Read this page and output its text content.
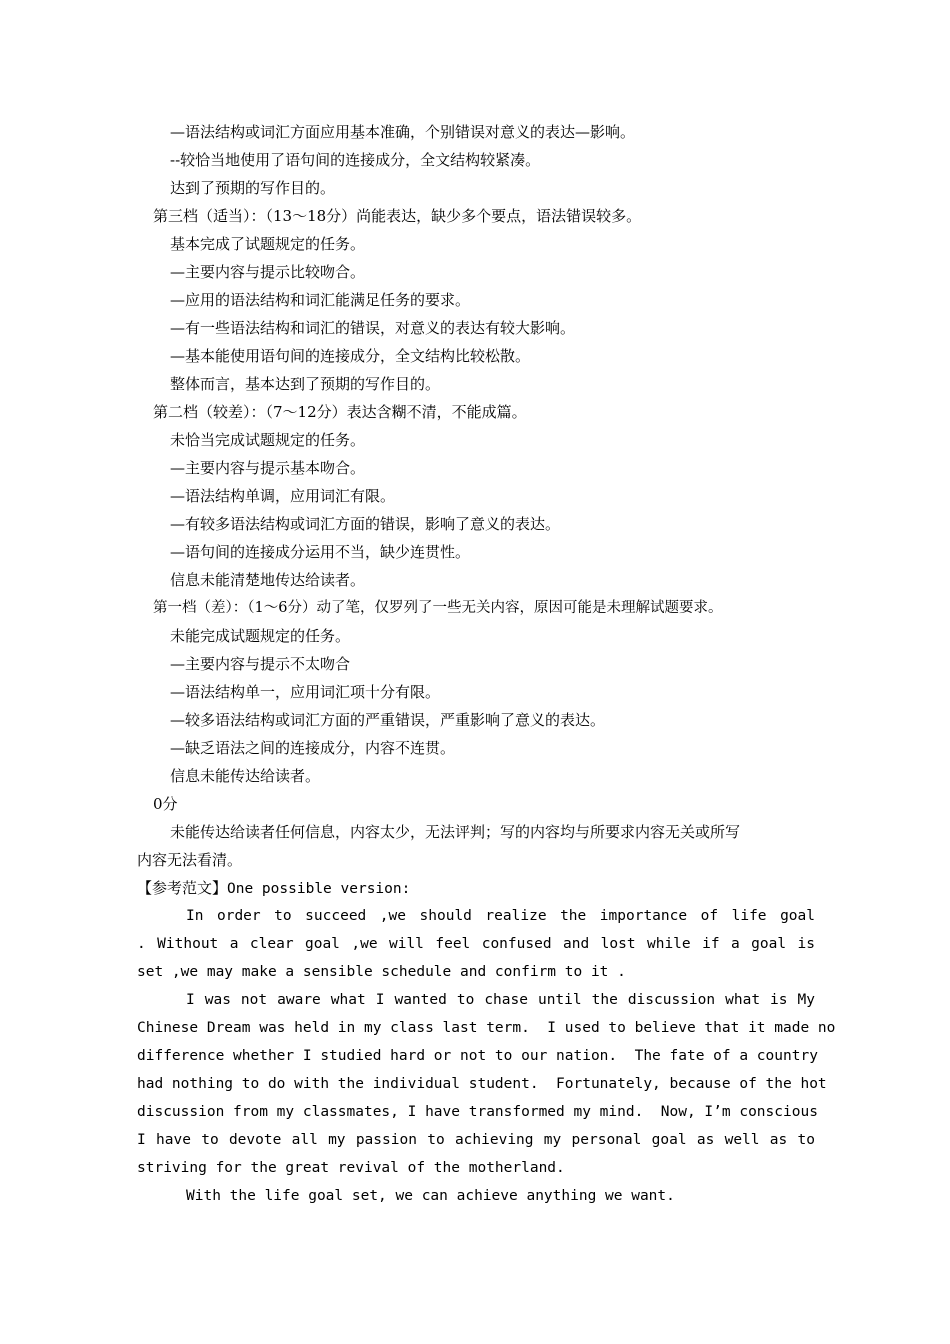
—语法结构或词汇方面应用基本准确，个别错误对意义的表达—影响。
--较恰当地使用了语句间的连接成分，全文结构较紧凑。
达到了预期的写作目的。
第三档（适当）：（13～18分）尚能表达，缺少多个要点，语法错误较多。
基本完成了试题规定的任务。
—主要内容与提示比较吻合。
—应用的语法结构和词汇能满足任务的要求。
—有一些语法结构和词汇的错误，对意义的表达有较大影响。
—基本能使用语句间的连接成分，全文结构比较松散。
整体而言，基本达到了预期的写作目的。
第二档（较差）：（7～12分）表达含糊不清，不能成篇。
未恰当完成试题规定的任务。
—主要内容与提示基本吻合。
—语法结构单调，应用词汇有限。
—有较多语法结构或词汇方面的错误，影响了意义的表达。
—语句间的连接成分运用不当，缺少连贯性。
信息未能清楚地传达给读者。
第一档（差）：（1～6分）动了笔，仅罗列了一些无关内容，原因可能是未理解试题要求。
未能完成试题规定的任务。
—主要内容与提示不太吻合
—语法结构单一，应用词汇项十分有限。
—较多语法结构或词汇方面的严重错误，严重影响了意义的表达。
—缺乏语法之间的连接成分，内容不连贯。
信息未能传达给读者。
0分
未能传达给读者任何信息，内容太少，无法评判；写的内容均与所要求内容无关或所写
内容无法看清。
【参考范文】One possible version:
In order to succeed ,we should realize the importance of life goal
. Without a clear goal ,we will feel confused and lost while if a goal is
set ,we may make a sensible schedule and confirm to it .
I was not aware what I wanted to chase until the discussion what is My
Chinese Dream was held in my class last term.  I used to believe that it made no
difference whether I studied hard or not to our nation.  The fate of a country
had nothing to do with the individual student.  Fortunately, because of the hot
discussion from my classmates, I have transformed my mind.  Now, I’m conscious
I have to devote all my passion to achieving my personal goal as well as to
striving for the great revival of the motherland.
With the life goal set, we can achieve anything we want.
